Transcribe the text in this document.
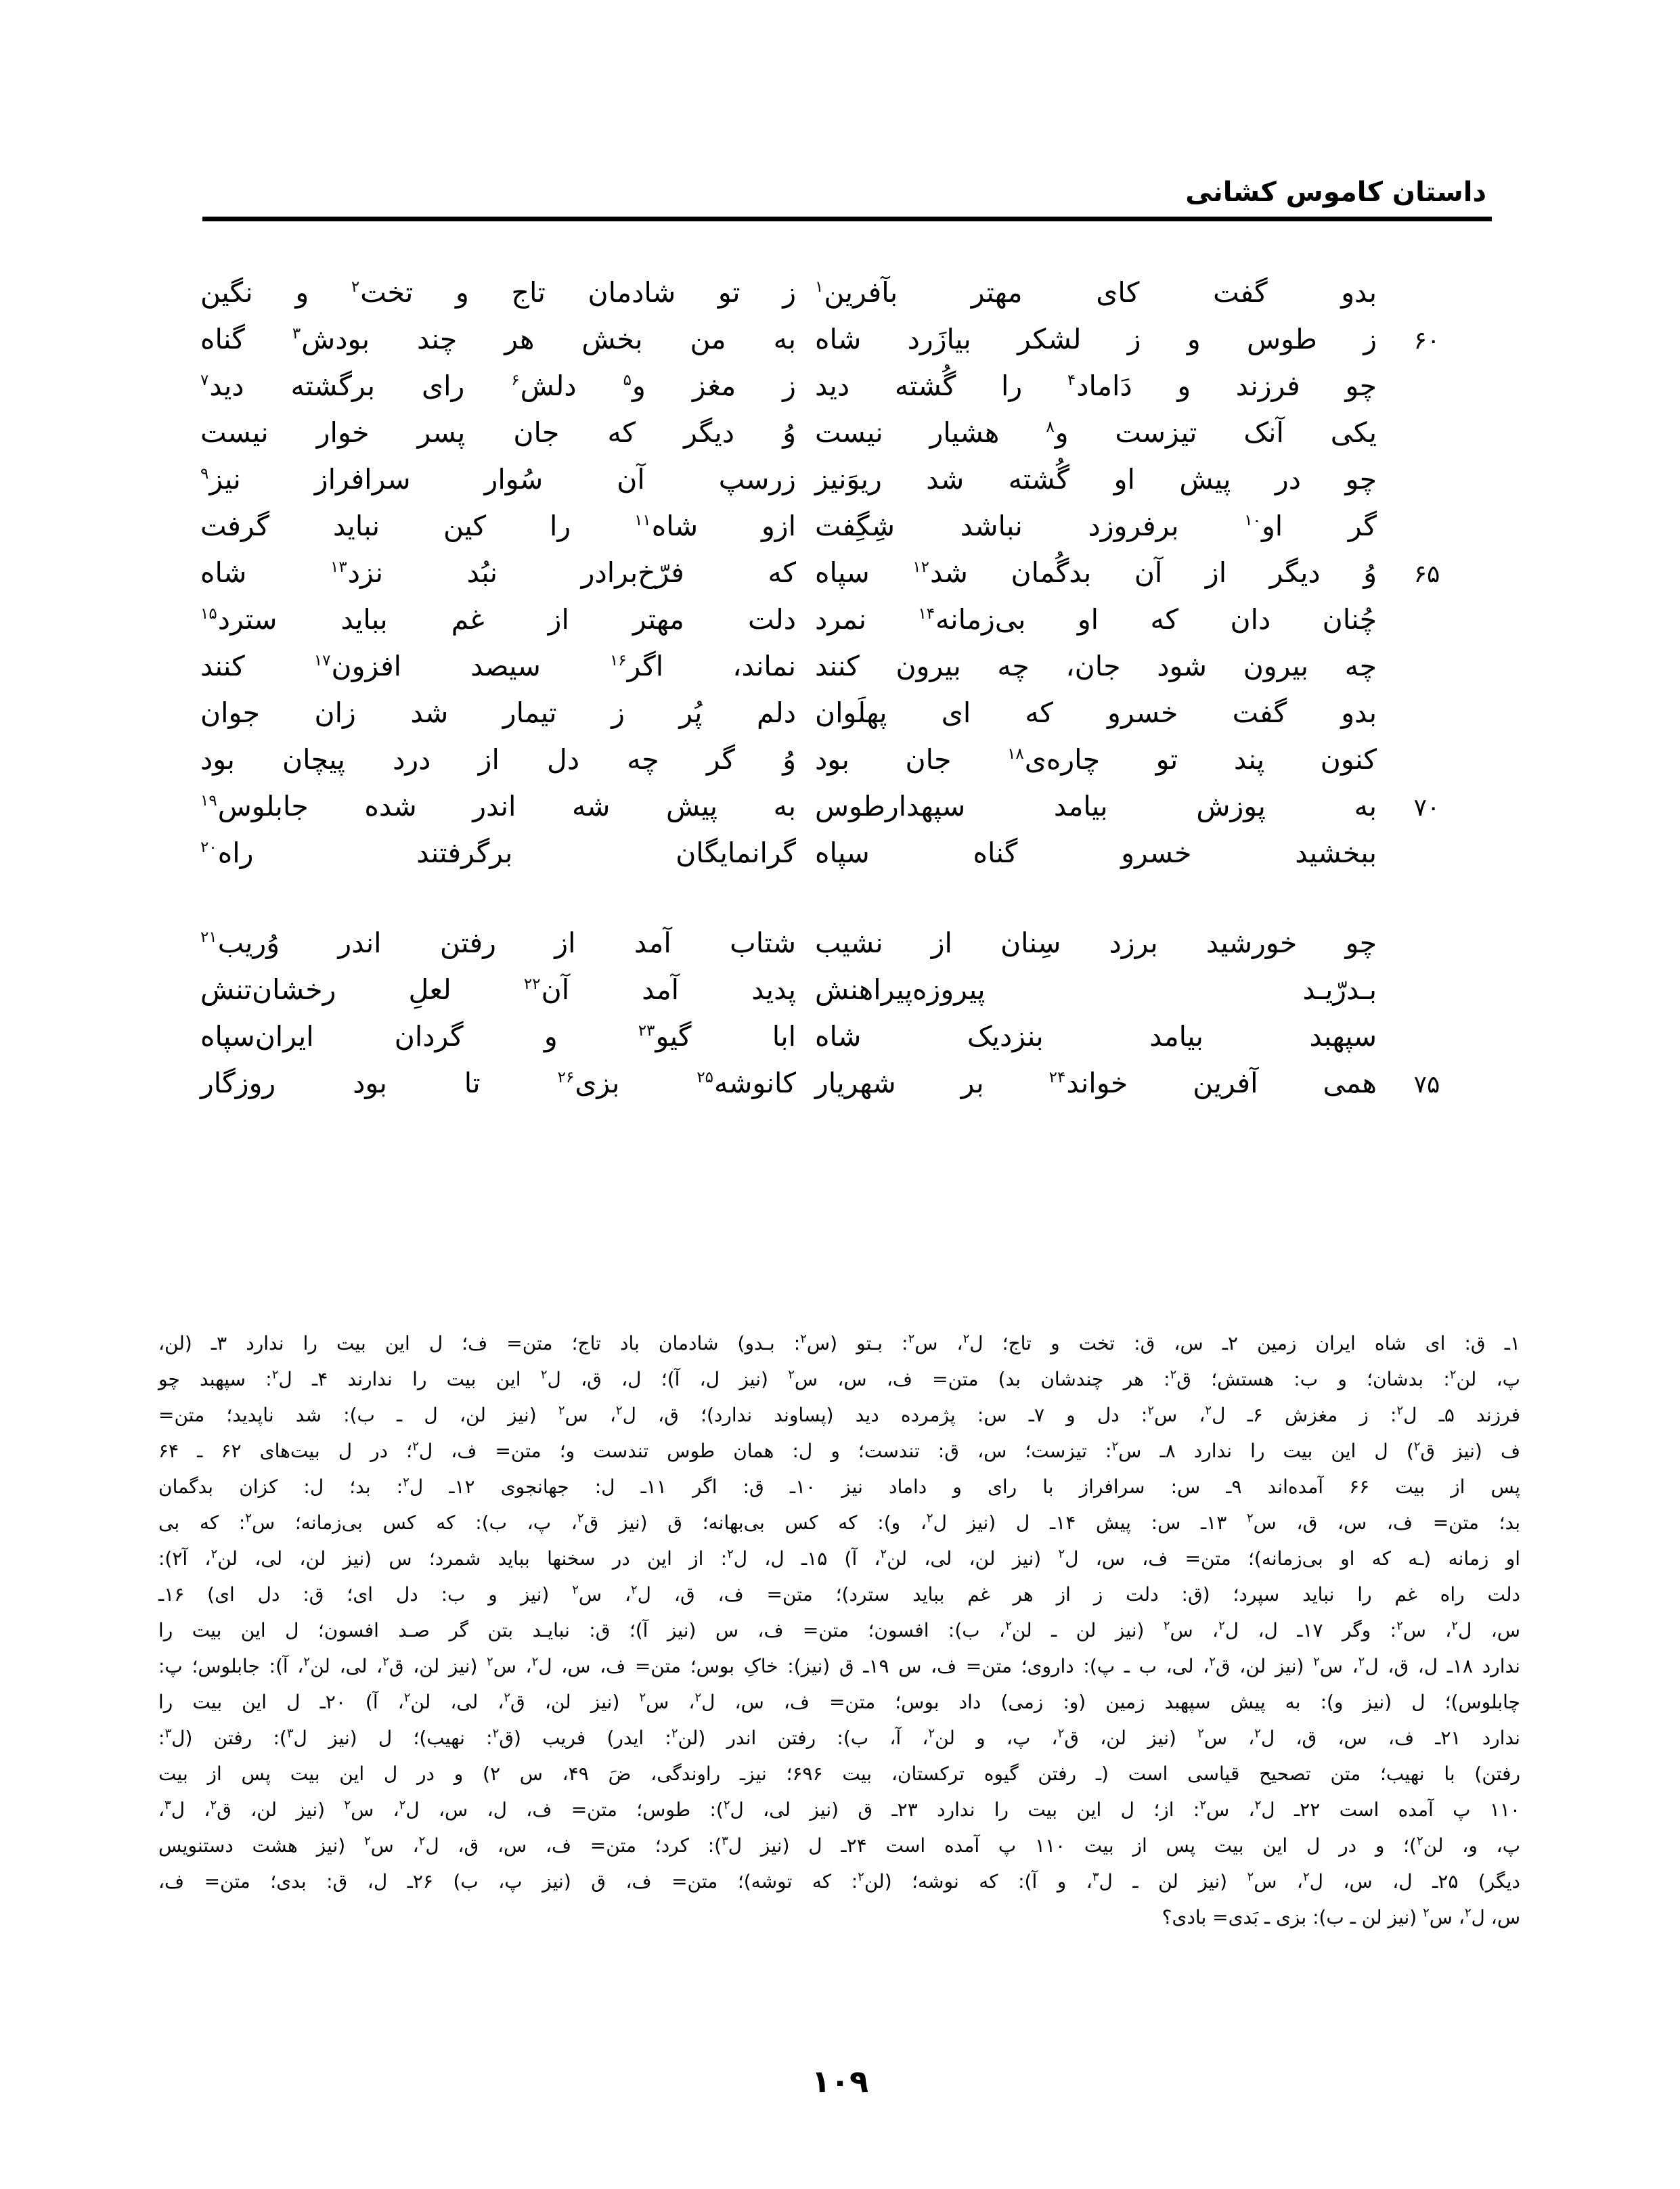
داستان کاموس کشانی
بدو گفت کای مهتر بآفرین$^۱$
ز تو شادمان تاج و تخت$^۲$ و نگین
۶۰
ز طوس و ز لشکر بیازَرد شاه
به من بخش هر چند بودش$^۳$ گناه
چو فرزند و دَاماد$^۴$ را گُشته دید
ز مغز و$^۵$ دلش$^۶$ رای برگشته دید$^۷$
یکی آنک تیزست و$^۸$ هشیار نیست
وُ دیگر که جان پسر خوار نیست
چو در پیش او گُشته شد ریوَنیز
زرسپ آن سُوار سرافراز نیز$^۹$
گر او$^{۱۰}$ برفروزد نباشد شِگِفت
ازو شاه$^{۱۱}$ را کین نباید گرفت
۶۵
وُ دیگر از آن بدگُمان شد$^{۱۲}$ سپاه
که فرّخ‌برادر نبُد نزد$^{۱۳}$ شاه
چُنان دان که او بی‌زمانه$^{۱۴}$ نمرد
دلت مهتر از غم بباید سترد$^{۱۵}$
چه بیرون شود جان، چه بیرون کنند
نماند، اگر$^{۱۶}$ سیصد افزون$^{۱۷}$ کنند
بدو گفت خسرو که ای پهلَوان
دلم پُر ز تیمار شد زان جوان
کنون پند تو چاره‌ی$^{۱۸}$ جان بود
وُ گر چه دل از درد پیچان بود
۷۰
به پوزش بیامد سپهدارطوس
به پیش شه اندر شده جابلوس$^{۱۹}$
ببخشید خسرو گناه سپاه
گرانمایگان برگرفتند راه$^{۲۰}$
چو خورشید برزد سِنان از نشیب
شتاب آمد از رفتن اندر وُریب$^{۲۱}$
بـدرّیـد پیروزه‌پیراهنش
پدید آمد آن$^{۲۲}$ لعلِ رخشان‌تنش
سپهبد بیامد بنزدیک شاه
ابا گیو$^{۲۳}$ و گردان ایران‌سپاه
۷۵
همی آفرین خواند$^{۲۴}$ بر شهریار
کانوشه$^{۲۵}$ بزی$^{۲۶}$ تا بود روزگار
۱ـ ق: ای شاه ایران زمین ۲ـ س، ق: تخت و تاج؛ ل$^۲$، س$^۲$: بـتو (س$^۲$: بـدو) شادمان باد تاج؛ متن= ف؛ ل این بیت را ندارد ۳ـ (لن،
پ، لن$^۲$: بدشان؛ و ب: هستش؛ ق$^۲$: هر چندشان بد) متن= ف، س، س$^۲$ (نیز ل، آ)؛ ل، ق، ل$^۲$ این بیت را ندارند ۴ـ ل$^۲$: سپهبد چو
فرزند ۵ـ ل$^۲$: ز مغزش ۶ـ ل$^۲$، س$^۲$: دل و ۷ـ س: پژمرده دید (پساوند ندارد)؛ ق، ل$^۲$، س$^۲$ (نیز لن، ل ـ ب): شد ناپدید؛ متن=
ف (نیز ق$^۲$) ل این بیت را ندارد ۸ـ س$^۲$: تیزست؛ س، ق: تندست؛ و ل: همان طوس تندست و؛ متن= ف، ل$^۲$؛ در ل بیت‌های ۶۲ ـ ۶۴
پس از بیت ۶۶ آمده‌اند ۹ـ س: سرافراز با رای و داماد نیز ۱۰ـ ق: اگر ۱۱ـ ل: جهانجوی ۱۲ـ ل$^۲$: بد؛ ل: کزان بدگمان
بد؛ متن= ف، س، ق، س$^۲$ ۱۳ـ س: پیش ۱۴ـ ل (نیز ل$^۲$، و): که کس بی‌بهانه؛ ق (نیز ق$^۲$، پ، ب): که کس بی‌زمانه؛ س$^۲$: که بی
او زمانه (ـه که او بی‌زمانه)؛ متن= ف، س، ل$^۲$ (نیز لن، لی، لن$^۲$، آ) ۱۵ـ ل، ل$^۲$: از این در سخنها بباید شمرد؛ س (نیز لن، لی، لن$^۲$، آ۲):
دلت راه غم را نباید سپرد؛ (ق: دلت ز از هر غم بباید سترد)؛ متن= ف، ق، ل$^۲$، س$^۲$ (نیز و ب: دل ای؛ ق: دل ای) ۱۶ـ
س، ل$^۲$، س$^۲$: وگر ۱۷ـ ل، ل$^۲$، س$^۲$ (نیز لن ـ لن$^۲$، ب): افسون؛ متن= ف، س (نیز آ)؛ ق: نبایـد بتن گر صـد افسون؛ ل این بیت را
ندارد ۱۸ـ ل، ق، ل$^۲$، س$^۲$ (نیز لن، ق$^۲$، لی، ب ـ پ): داروی؛ متن= ف، س ۱۹ـ ق (نیز): خاکِ بوس؛ متن= ف، س، ل$^۲$، س$^۲$ (نیز لن، ق$^۲$، لی، لن$^۲$، آ): جابلوس؛ پ:
چابلوس)؛ ل (نیز و): به پیش سپهبد زمین (و: زمی) داد بوس؛ متن= ف، س، ل$^۲$، س$^۲$ (نیز لن، ق$^۲$، لی، لن$^۲$، آ) ۲۰ـ ل این بیت را
ندارد ۲۱ـ ف، س، ق، ل$^۲$، س$^۲$ (نیز لن، ق$^۲$، پ، و لن$^۲$، آ، ب): رفتن اندر (لن$^۲$: ایدر) فریب (ق$^۲$: نهیب)؛ ل (نیز ل$^۳$): رفتن (ل$^۳$:
رفتن) با نهیب؛ متن تصحیح قیاسی است (ـ رفتن گیوه ترکستان، بیت ۶۹۶؛ نیزـ راوندگی، ضَ ۴۹، س ۲) و در ل این بیت پس از بیت
۱۱۰ پ آمده است ۲۲ـ ل$^۲$، س$^۲$: از؛ ل این بیت را ندارد ۲۳ـ ق (نیز لی، ل$^۲$): طوس؛ متن= ف، ل، س، ل$^۲$، س$^۲$ (نیز لن، ق$^۲$، ل$^۳$،
پ، و، لن$^۲$)؛ و در ل این بیت پس از بیت ۱۱۰ پ آمده است ۲۴ـ ل (نیز ل$^۳$): کرد؛ متن= ف، س، ق، ل$^۲$، س$^۲$ (نیز هشت دستنویس
دیگر) ۲۵ـ ل، س، ل$^۲$، س$^۲$ (نیز لن ـ ل$^۳$، و آ): که نوشه؛ (لن$^۲$: که توشه)؛ متن= ف، ق (نیز پ، ب) ۲۶ـ ل، ق: بدی؛ متن= ف،
س، ل$^۲$، س$^۲$ (نیز لن ـ ب): بزی ـ بَدی= بادی؟
۱۰۹
